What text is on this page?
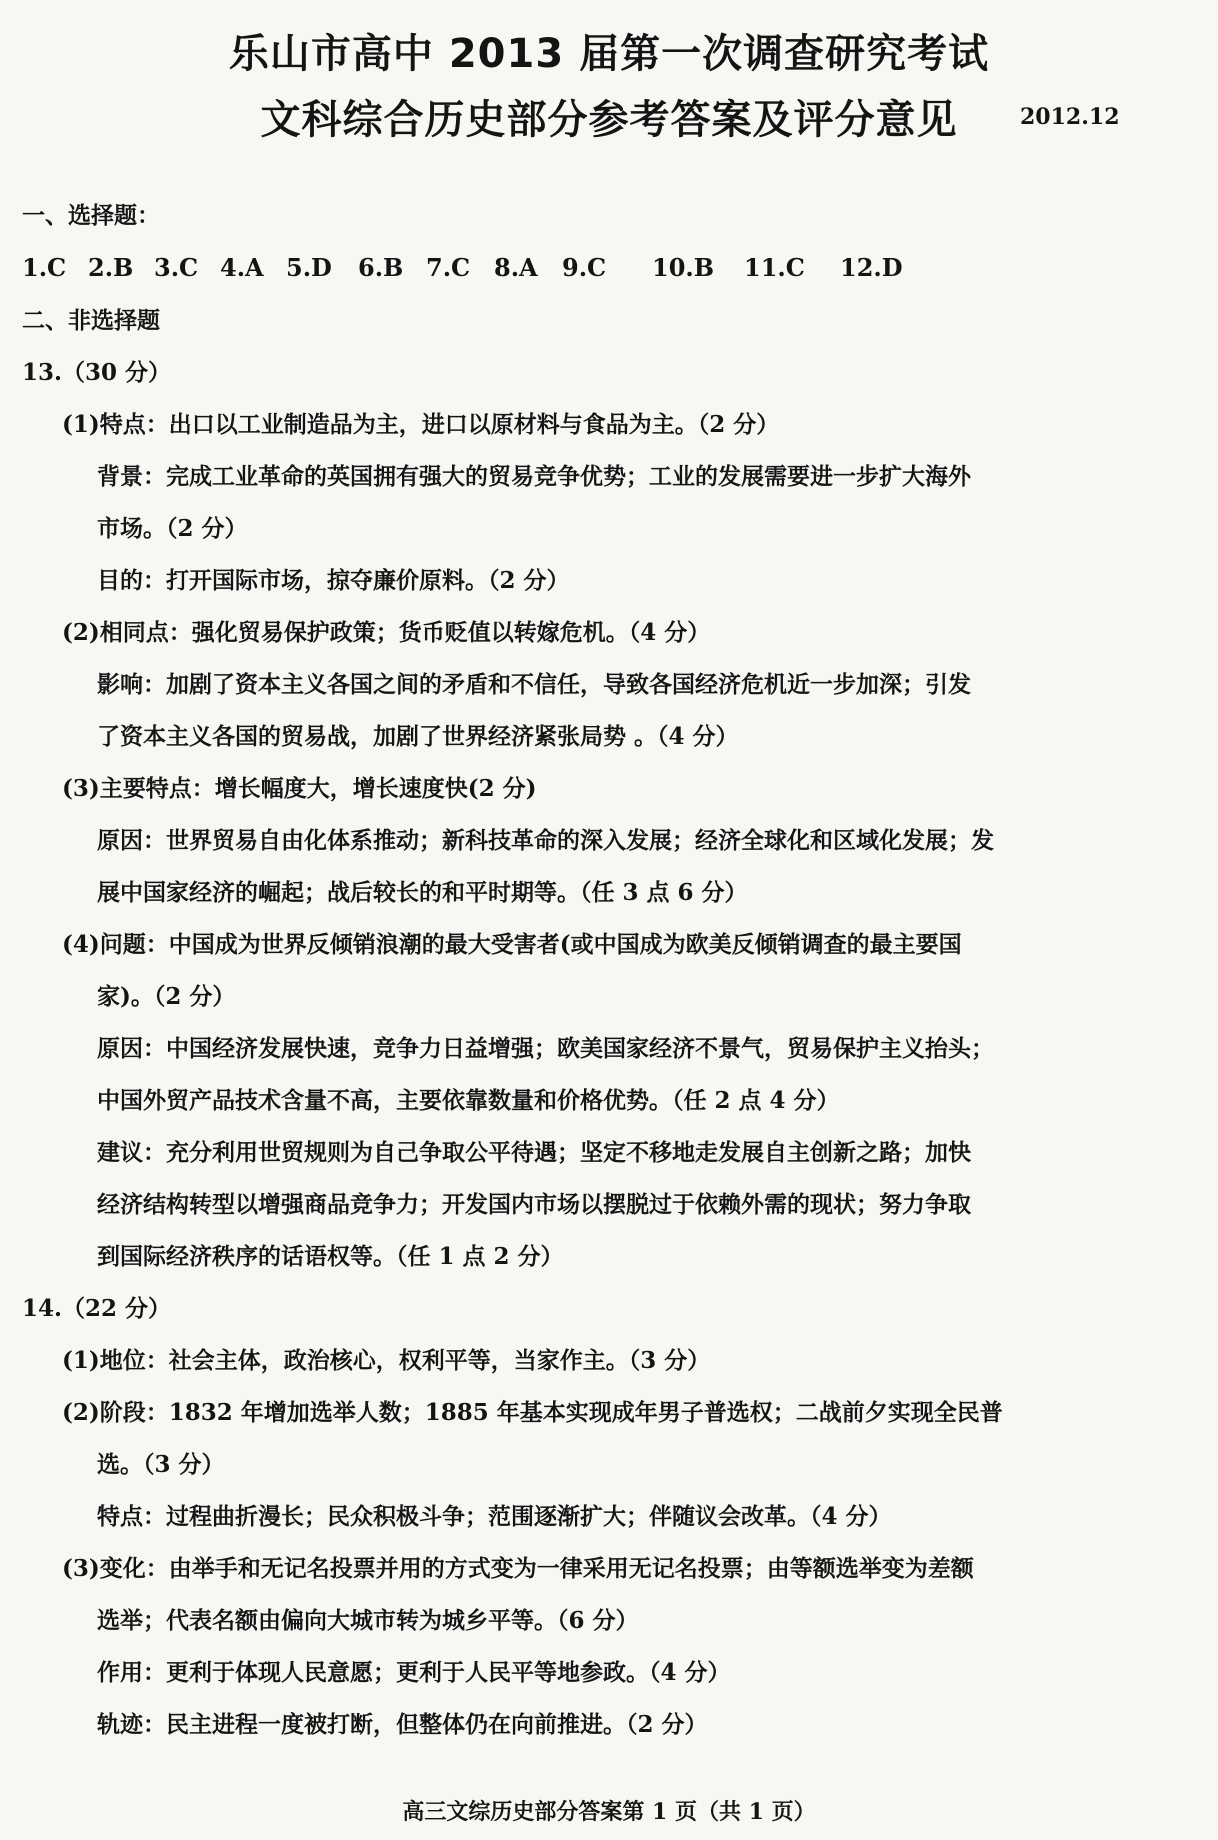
乐山市高中 2013 届第一次调查研究考试
文科综合历史部分参考答案及评分意见	2012.12
一、选择题：
1.C 2.B 3.C 4.A 5.D	6.B 7.C 8.A	9.C	10.B	11.C	12.D
二、非选择题
13.（30 分）
(1)特点：出口以工业制造品为主，进口以原材料与食品为主。（2 分）
背景：完成工业革命的英国拥有强大的贸易竞争优势；工业的发展需要进一步扩大海外
市场。（2 分）
目的：打开国际市场，掠夺廉价原料。（2 分）
(2)相同点：强化贸易保护政策；货币贬值以转嫁危机。（4 分）
影响：加剧了资本主义各国之间的矛盾和不信任，导致各国经济危机近一步加深；引发
了资本主义各国的贸易战，加剧了世界经济紧张局势 。（4 分）
(3)主要特点：增长幅度大，增长速度快(2 分)
原因：世界贸易自由化体系推动；新科技革命的深入发展；经济全球化和区域化发展；发
展中国家经济的崛起；战后较长的和平时期等。（任 3 点 6 分）
(4)问题：中国成为世界反倾销浪潮的最大受害者(或中国成为欧美反倾销调查的最主要国
家)。（2 分）
原因：中国经济发展快速，竞争力日益增强；欧美国家经济不景气，贸易保护主义抬头；
中国外贸产品技术含量不高，主要依靠数量和价格优势。（任 2 点 4 分）
建议：充分利用世贸规则为自己争取公平待遇；坚定不移地走发展自主创新之路；加快
经济结构转型以增强商品竞争力；开发国内市场以摆脱过于依赖外需的现状；努力争取
到国际经济秩序的话语权等。（任 1 点 2 分）
14.（22 分）
(1)地位：社会主体，政治核心，权利平等，当家作主。（3 分）
(2)阶段：1832 年增加选举人数；1885 年基本实现成年男子普选权；二战前夕实现全民普
选。（3 分）
特点：过程曲折漫长；民众积极斗争；范围逐渐扩大；伴随议会改革。（4 分）
(3)变化：由举手和无记名投票并用的方式变为一律采用无记名投票；由等额选举变为差额
选举；代表名额由偏向大城市转为城乡平等。（6 分）
作用：更利于体现人民意愿；更利于人民平等地参政。（4 分）
轨迹：民主进程一度被打断，但整体仍在向前推进。（2 分）
高三文综历史部分答案第 1 页（共 1 页）
